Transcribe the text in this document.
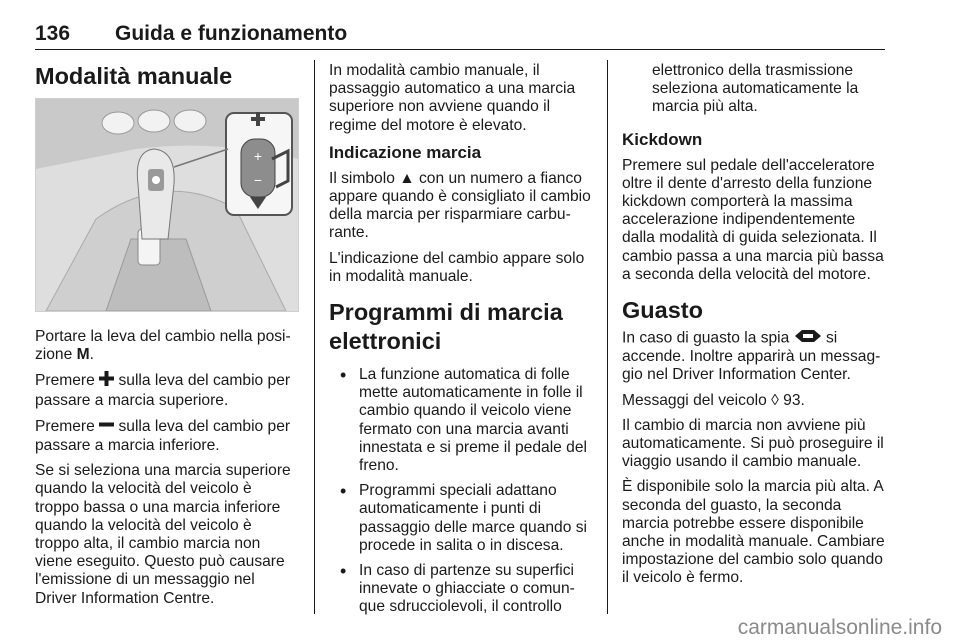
136 Guida e funzionamento
Modalità manuale
+
−

Portare la leva del cambio nella posi-zione M.

Premere  sulla leva del cambio per passare a marcia superiore.

Premere  sulla leva del cambio per passare a marcia inferiore.

Se si seleziona una marcia superiore quando la velocità del veicolo è troppo bassa o una marcia inferiore quando la velocità del veicolo è troppo alta, il cambio marcia non viene eseguito. Questo può causare l'emissione di un messaggio nel Driver Information Centre.

In modalità cambio manuale, il passaggio automatico a una marcia superiore non avviene quando il regime del motore è elevato.

Indicazione marcia

Il simbolo ▲ con un numero a fianco appare quando è consigliato il cambio della marcia per risparmiare carbu-rante.

L'indicazione del cambio appare solo in modalità manuale.

Programmi di marcia elettronici
• La funzione automatica di folle mette automaticamente in folle il cambio quando il veicolo viene fermato con una marcia avanti innestata e si preme il pedale del freno.
• Programmi speciali adattano automaticamente i punti di passaggio delle marce quando si procede in salita o in discesa.
• In caso di partenze su superfici innevate o ghiacciate o comun-que sdrucciolevoli, il controllo

elettronico della trasmissione seleziona automaticamente la marcia più alta.

Kickdown

Premere sul pedale dell'acceleratore oltre il dente d'arresto della funzione kickdown comporterà la massima accelerazione indipendentemente dalla modalità di guida selezionata. Il cambio passa a una marcia più bassa a seconda della velocità del motore.

Guasto

In caso di guasto la spia  si accende. Inoltre apparirà un messag-gio nel Driver Information Center.

Messaggi del veicolo ◊ 93.

Il cambio di marcia non avviene più automaticamente. Si può proseguire il viaggio usando il cambio manuale.

È disponibile solo la marcia più alta. A seconda del guasto, la seconda marcia potrebbe essere disponibile anche in modalità manuale. Cambiare impostazione del cambio solo quando il veicolo è fermo.

carmanualsonline.info
